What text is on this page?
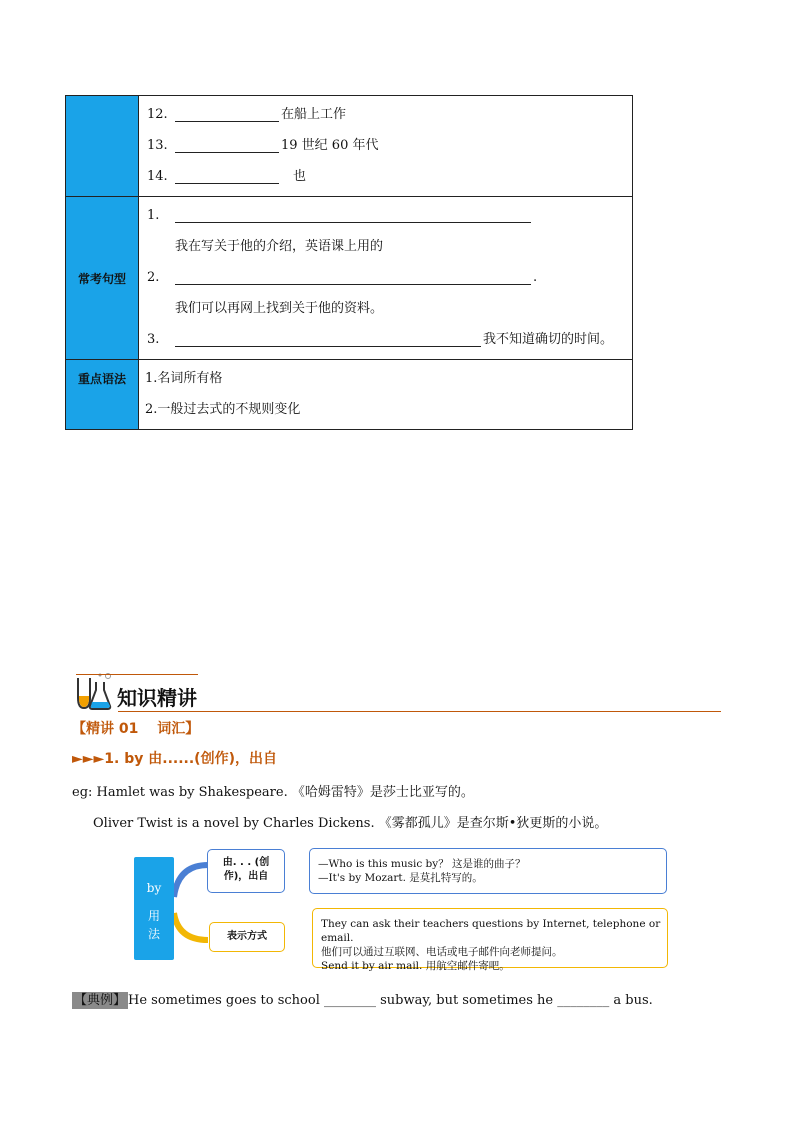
	12. 在船上工作
13. 19 世纪 60 年代
14. 也

常考句型	1.
我在写关于他的介绍，英语课上用的
2. .
我们可以再网上找到关于他的资料。
3. 我不知道确切的时间。

重点语法	1.名词所有格
2.一般过去式的不规则变化
知识精讲
【精讲 01　 词汇】
►►►1. by 由......(创作)，出自
eg: Hamlet was by Shakespeare. 《哈姆雷特》是莎士比亚写的。
Oliver Twist is a novel by Charles Dickens. 《雾都孤儿》是查尔斯•狄更斯的小说。
by
用
法
由. . . (创
作)，出自
—Who is this music by？ 这是谁的曲子？
—It's by Mozart. 是莫扎特写的。
表示方式
They can ask their teachers questions by Internet, telephone or email.
他们可以通过互联网、电话或电子邮件向老师提问。
Send it by air mail. 用航空邮件寄吧。
【典例】 He sometimes goes to school ________ subway, but sometimes he ________ a bus.
